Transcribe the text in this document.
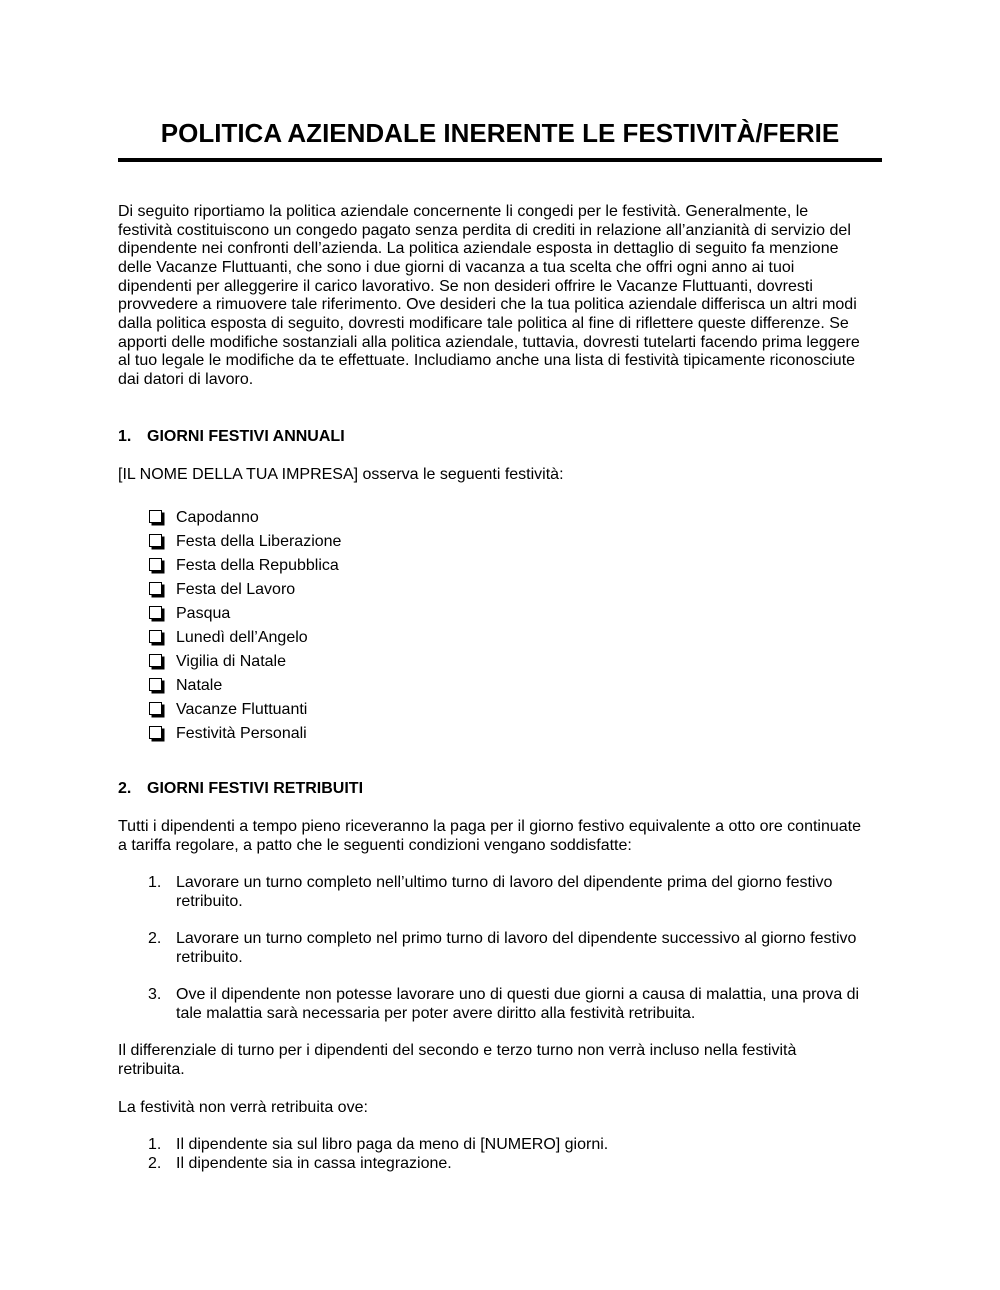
POLITICA AZIENDALE INERENTE LE FESTIVITÀ/FERIE
Di seguito riportiamo la politica aziendale concernente li congedi per le festività. Generalmente, le
festività costituiscono un congedo pagato senza perdita di crediti in relazione all’anzianità di servizio del
dipendente nei confronti dell’azienda. La politica aziendale esposta in dettaglio di seguito fa menzione
delle Vacanze Fluttuanti, che sono i due giorni di vacanza a tua scelta che offri ogni anno ai tuoi
dipendenti per alleggerire il carico lavorativo. Se non desideri offrire le Vacanze Fluttuanti, dovresti
provvedere a rimuovere tale riferimento. Ove desideri che la tua politica aziendale differisca un altri modi
dalla politica esposta di seguito, dovresti modificare tale politica al fine di riflettere queste differenze. Se
apporti delle modifiche sostanziali alla politica aziendale, tuttavia, dovresti tutelarti facendo prima leggere
al tuo legale le modifiche da te effettuate. Includiamo anche una lista di festività tipicamente riconosciute
dai datori di lavoro.
1. GIORNI FESTIVI ANNUALI
[IL NOME DELLA TUA IMPRESA] osserva le seguenti festività:
Capodanno
Festa della Liberazione
Festa della Repubblica
Festa del Lavoro
Pasqua
Lunedì dell’Angelo
Vigilia di Natale
Natale
Vacanze Fluttuanti
Festività Personali
2. GIORNI FESTIVI RETRIBUITI
Tutti i dipendenti a tempo pieno riceveranno la paga per il giorno festivo equivalente a otto ore continuate
a tariffa regolare, a patto che le seguenti condizioni vengano soddisfatte:
1. Lavorare un turno completo nell’ultimo turno di lavoro del dipendente prima del giorno festivo
retribuito.
2. Lavorare un turno completo nel primo turno di lavoro del dipendente successivo al giorno festivo
retribuito.
3. Ove il dipendente non potesse lavorare uno di questi due giorni a causa di malattia, una prova di
tale malattia sarà necessaria per poter avere diritto alla festività retribuita.
Il differenziale di turno per i dipendenti del secondo e terzo turno non verrà incluso nella festività
retribuita.
La festività non verrà retribuita ove:
1. Il dipendente sia sul libro paga da meno di [NUMERO] giorni.
2. Il dipendente sia in cassa integrazione.
